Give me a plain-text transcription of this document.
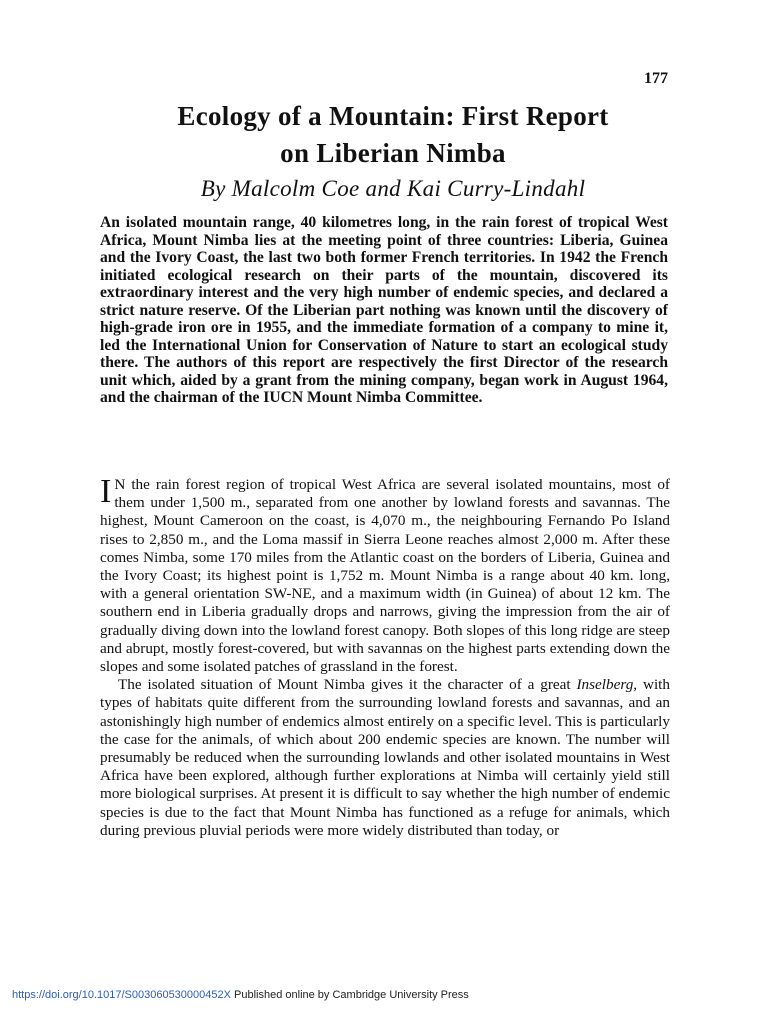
177
Ecology of a Mountain: First Report
on Liberian Nimba
By Malcolm Coe and Kai Curry-Lindahl
An isolated mountain range, 40 kilometres long, in the rain forest of tropical West Africa, Mount Nimba lies at the meeting point of three countries: Liberia, Guinea and the Ivory Coast, the last two both former French territories. In 1942 the French initiated ecological research on their parts of the mountain, discovered its extraordinary interest and the very high number of endemic species, and declared a strict nature reserve. Of the Liberian part nothing was known until the discovery of high-grade iron ore in 1955, and the immediate formation of a company to mine it, led the International Union for Conservation of Nature to start an ecological study there. The authors of this report are respectively the first Director of the research unit which, aided by a grant from the mining company, began work in August 1964, and the chairman of the IUCN Mount Nimba Committee.

I N the rain forest region of tropical West Africa are several isolated mountains, most of them under 1,500 m., separated from one another by lowland forests and savannas. The highest, Mount Cameroon on the coast, is 4,070 m., the neighbouring Fernando Po Island rises to 2,850 m., and the Loma massif in Sierra Leone reaches almost 2,000 m. After these comes Nimba, some 170 miles from the Atlantic coast on the borders of Liberia, Guinea and the Ivory Coast; its highest point is 1,752 m. Mount Nimba is a range about 40 km. long, with a general orientation SW-NE, and a maximum width (in Guinea) of about 12 km. The southern end in Liberia gradually drops and narrows, giving the impression from the air of gradually diving down into the lowland forest canopy. Both slopes of this long ridge are steep and abrupt, mostly forest-covered, but with savannas on the highest parts extending down the slopes and some isolated patches of grassland in the forest.

The isolated situation of Mount Nimba gives it the character of a great Inselberg, with types of habitats quite different from the surrounding lowland forests and savannas, and an astonishingly high number of endemics almost entirely on a specific level. This is particularly the case for the animals, of which about 200 endemic species are known. The number will presumably be reduced when the surrounding lowlands and other isolated mountains in West Africa have been explored, although further explorations at Nimba will certainly yield still more biological surprises. At present it is difficult to say whether the high number of endemic species is due to the fact that Mount Nimba has functioned as a refuge for animals, which during previous pluvial periods were more widely distributed than today, or

https://doi.org/10.1017/S003060530000452X Published online by Cambridge University Press
